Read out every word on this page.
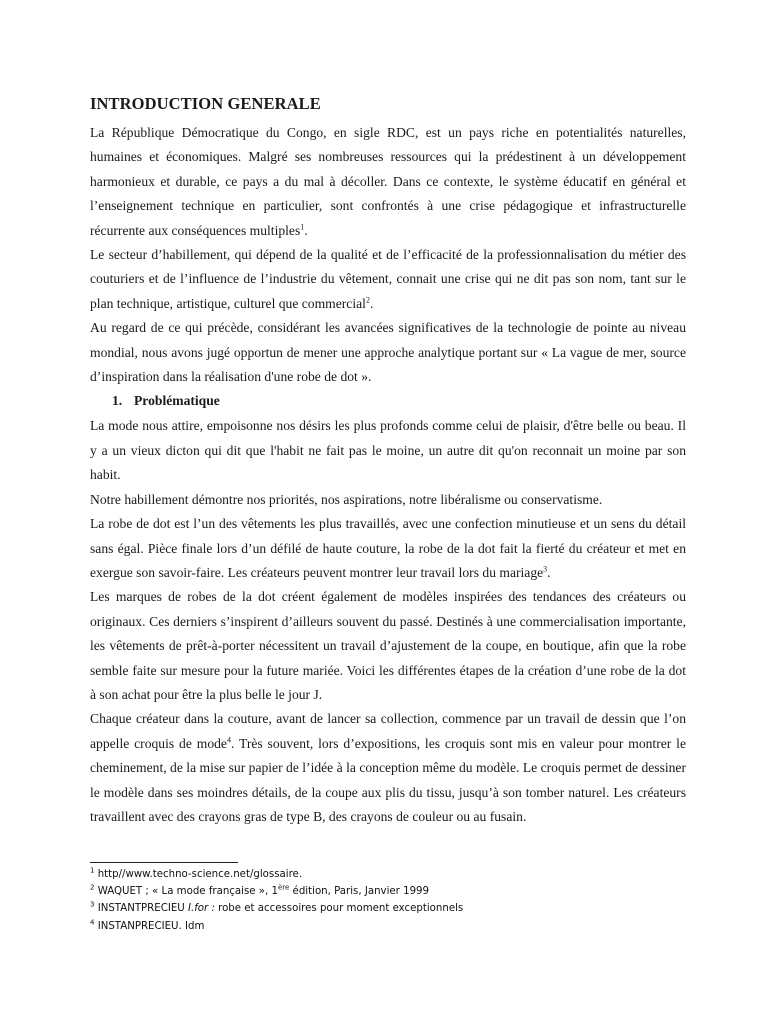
INTRODUCTION GENERALE

La République Démocratique du Congo, en sigle RDC, est un pays riche en potentialités naturelles, humaines et économiques. Malgré ses nombreuses ressources qui la prédestinent à un développement harmonieux et durable, ce pays a du mal à décoller. Dans ce contexte, le système éducatif en général et l’enseignement technique en particulier, sont confrontés à une crise pédagogique et infrastructurelle récurrente aux conséquences multiples$^1$.

Le secteur d’habillement, qui dépend de la qualité et de l’efficacité de la professionnalisation du métier des couturiers et de l’influence de l’industrie du vêtement, connait une crise qui ne dit pas son nom, tant sur le plan technique, artistique, culturel que commercial$^2$.

Au regard de ce qui précède, considérant les avancées significatives de la technologie de pointe au niveau mondial, nous avons jugé opportun de mener une approche analytique portant sur « La vague de mer, source d’inspiration dans la réalisation d'une robe de dot ».

1. Problématique

La mode nous attire, empoisonne nos désirs les plus profonds comme celui de plaisir, d'être belle ou beau. Il y a un vieux dicton qui dit que l'habit ne fait pas le moine, un autre dit qu'on reconnait un moine par son habit.

Notre habillement démontre nos priorités, nos aspirations, notre libéralisme ou conservatisme.

La robe de dot est l’un des vêtements les plus travaillés, avec une confection minutieuse et un sens du détail sans égal. Pièce finale lors d’un défilé de haute couture, la robe de la dot fait la fierté du créateur et met en exergue son savoir-faire. Les créateurs peuvent montrer leur travail lors du mariage$^3$.

Les marques de robes de la dot créent également de modèles inspirées des tendances des créateurs ou originaux. Ces derniers s’inspirent d’ailleurs souvent du passé. Destinés à une commercialisation importante, les vêtements de prêt-à-porter nécessitent un travail d’ajustement de la coupe, en boutique, afin que la robe semble faite sur mesure pour la future mariée. Voici les différentes étapes de la création d’une robe de la dot à son achat pour être la plus belle le jour J.

Chaque créateur dans la couture, avant de lancer sa collection, commence par un travail de dessin que l’on appelle croquis de mode$^4$. Très souvent, lors d’expositions, les croquis sont mis en valeur pour montrer le cheminement, de la mise sur papier de l’idée à la conception même du modèle. Le croquis permet de dessiner le modèle dans ses moindres détails, de la coupe aux plis du tissu, jusqu’à son tomber naturel. Les créateurs travaillent avec des crayons gras de type B, des crayons de couleur ou au fusain.

$^1$ http//www.techno-science.net/glossaire.
$^2$ WAQUET ; « La mode française », 1ère édition, Paris, Janvier 1999
$^3$ INSTANTPRECIEU I.for : robe et accessoires pour moment exceptionnels
$^4$ INSTANPRECIEU. Idm
